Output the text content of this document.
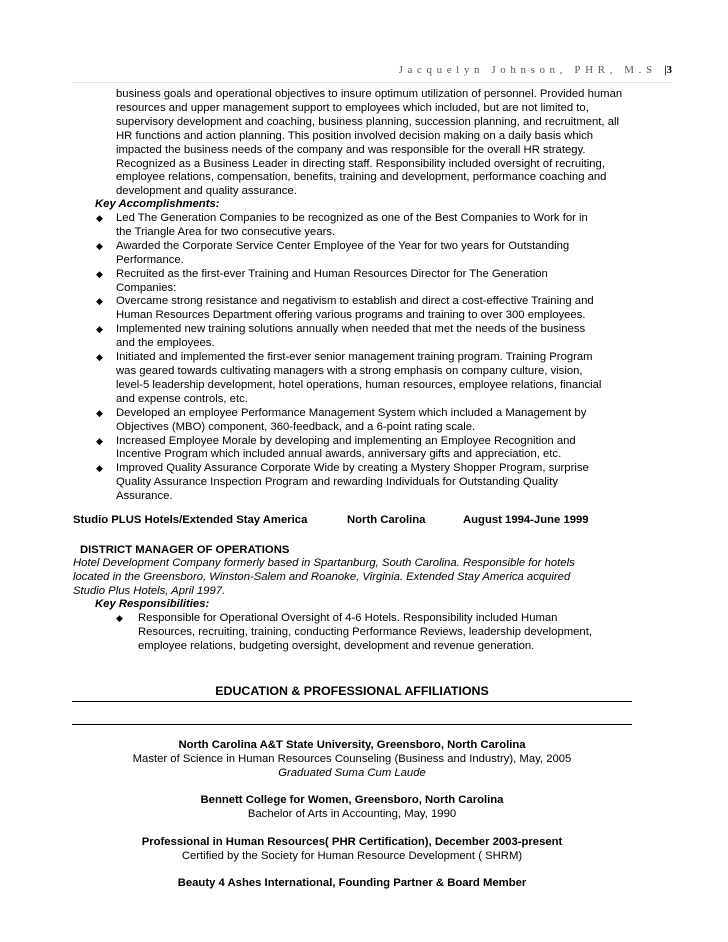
Jacquelyn Johnson, PHR, M.S |3
business goals and operational objectives to insure optimum utilization of personnel. Provided human
resources and upper management support to employees which included, but are not limited to,
supervisory development and coaching, business planning, succession planning, and recruitment, all
HR functions and action planning. This position involved decision making on a daily basis which
impacted the business needs of the company and was responsible for the overall HR strategy.
Recognized as a Business Leader in directing staff. Responsibility included oversight of recruiting,
employee relations, compensation, benefits, training and development, performance coaching and
development and quality assurance.
Key Accomplishments:
◆ Led The Generation Companies to be recognized as one of the Best Companies to Work for in
the Triangle Area for two consecutive years.
◆ Awarded the Corporate Service Center Employee of the Year for two years for Outstanding
Performance.
◆ Recruited as the first-ever Training and Human Resources Director for The Generation
Companies:
◆ Overcame strong resistance and negativism to establish and direct a cost-effective Training and
Human Resources Department offering various programs and training to over 300 employees.
◆ Implemented new training solutions annually when needed that met the needs of the business
and the employees.
◆ Initiated and implemented the first-ever senior management training program. Training Program
was geared towards cultivating managers with a strong emphasis on company culture, vision,
level-5 leadership development, hotel operations, human resources, employee relations, financial
and expense controls, etc.
◆ Developed an employee Performance Management System which included a Management by
Objectives (MBO) component, 360-feedback, and a 6-point rating scale.
◆ Increased Employee Morale by developing and implementing an Employee Recognition and
Incentive Program which included annual awards, anniversary gifts and appreciation, etc.
◆ Improved Quality Assurance Corporate Wide by creating a Mystery Shopper Program, surprise
Quality Assurance Inspection Program and rewarding Individuals for Outstanding Quality
Assurance.
Studio PLUS Hotels/Extended Stay America	North Carolina	August 1994-June 1999
DISTRICT MANAGER OF OPERATIONS
Hotel Development Company formerly based in Spartanburg, South Carolina. Responsible for hotels
located in the Greensboro, Winston-Salem and Roanoke, Virginia. Extended Stay America acquired
Studio Plus Hotels, April 1997.
Key Responsibilities:
◆ Responsible for Operational Oversight of 4-6 Hotels. Responsibility included Human
Resources, recruiting, training, conducting Performance Reviews, leadership development,
employee relations, budgeting oversight, development and revenue generation.
EDUCATION & PROFESSIONAL AFFILIATIONS
North Carolina A&T State University, Greensboro, North Carolina
Master of Science in Human Resources Counseling (Business and Industry), May, 2005
Graduated Suma Cum Laude
Bennett College for Women, Greensboro, North Carolina
Bachelor of Arts in Accounting, May, 1990
Professional in Human Resources( PHR Certification), December 2003-present
Certified by the Society for Human Resource Development ( SHRM)
Beauty 4 Ashes International, Founding Partner & Board Member
